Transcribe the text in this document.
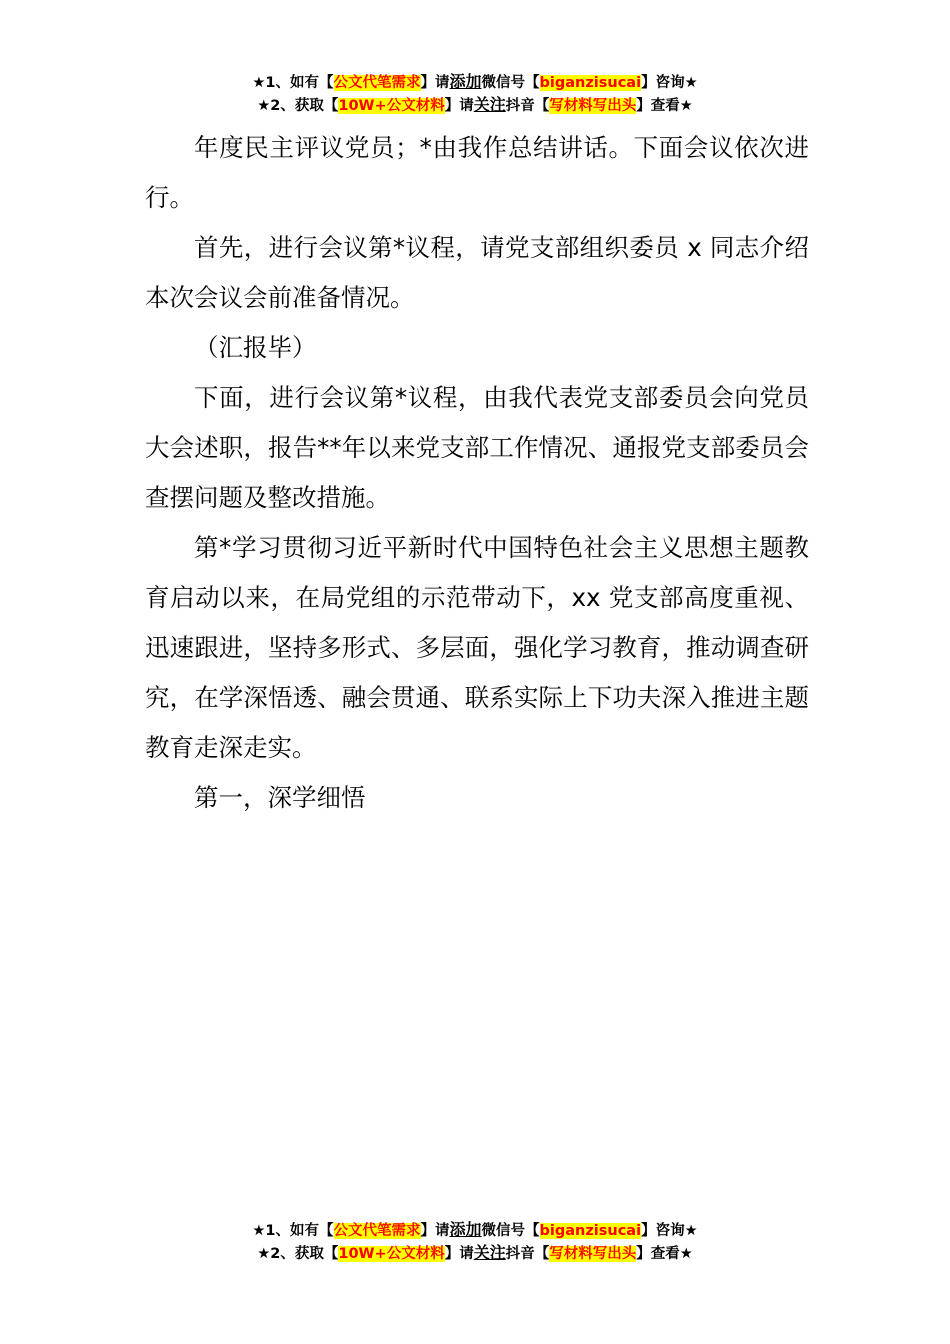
★1、如有【公文代笔需求】请添加微信号【biganzisucai】咨询★
★2、获取【10W+公文材料】请关注抖音【写材料写出头】查看★

年度民主评议党员；*由我作总结讲话。下面会议依次进行。

首先，进行会议第*议程，请党支部组织委员 x 同志介绍本次会议会前准备情况。

（汇报毕）

下面，进行会议第*议程，由我代表党支部委员会向党员大会述职，报告**年以来党支部工作情况、通报党支部委员会查摆问题及整改措施。

第*学习贯彻习近平新时代中国特色社会主义思想主题教育启动以来，在局党组的示范带动下，xx 党支部高度重视、迅速跟进，坚持多形式、多层面，强化学习教育，推动调查研究，在学深悟透、融会贯通、联系实际上下功夫深入推进主题教育走深走实。

第一，深学细悟

★1、如有【公文代笔需求】请添加微信号【biganzisucai】咨询★
★2、获取【10W+公文材料】请关注抖音【写材料写出头】查看★
